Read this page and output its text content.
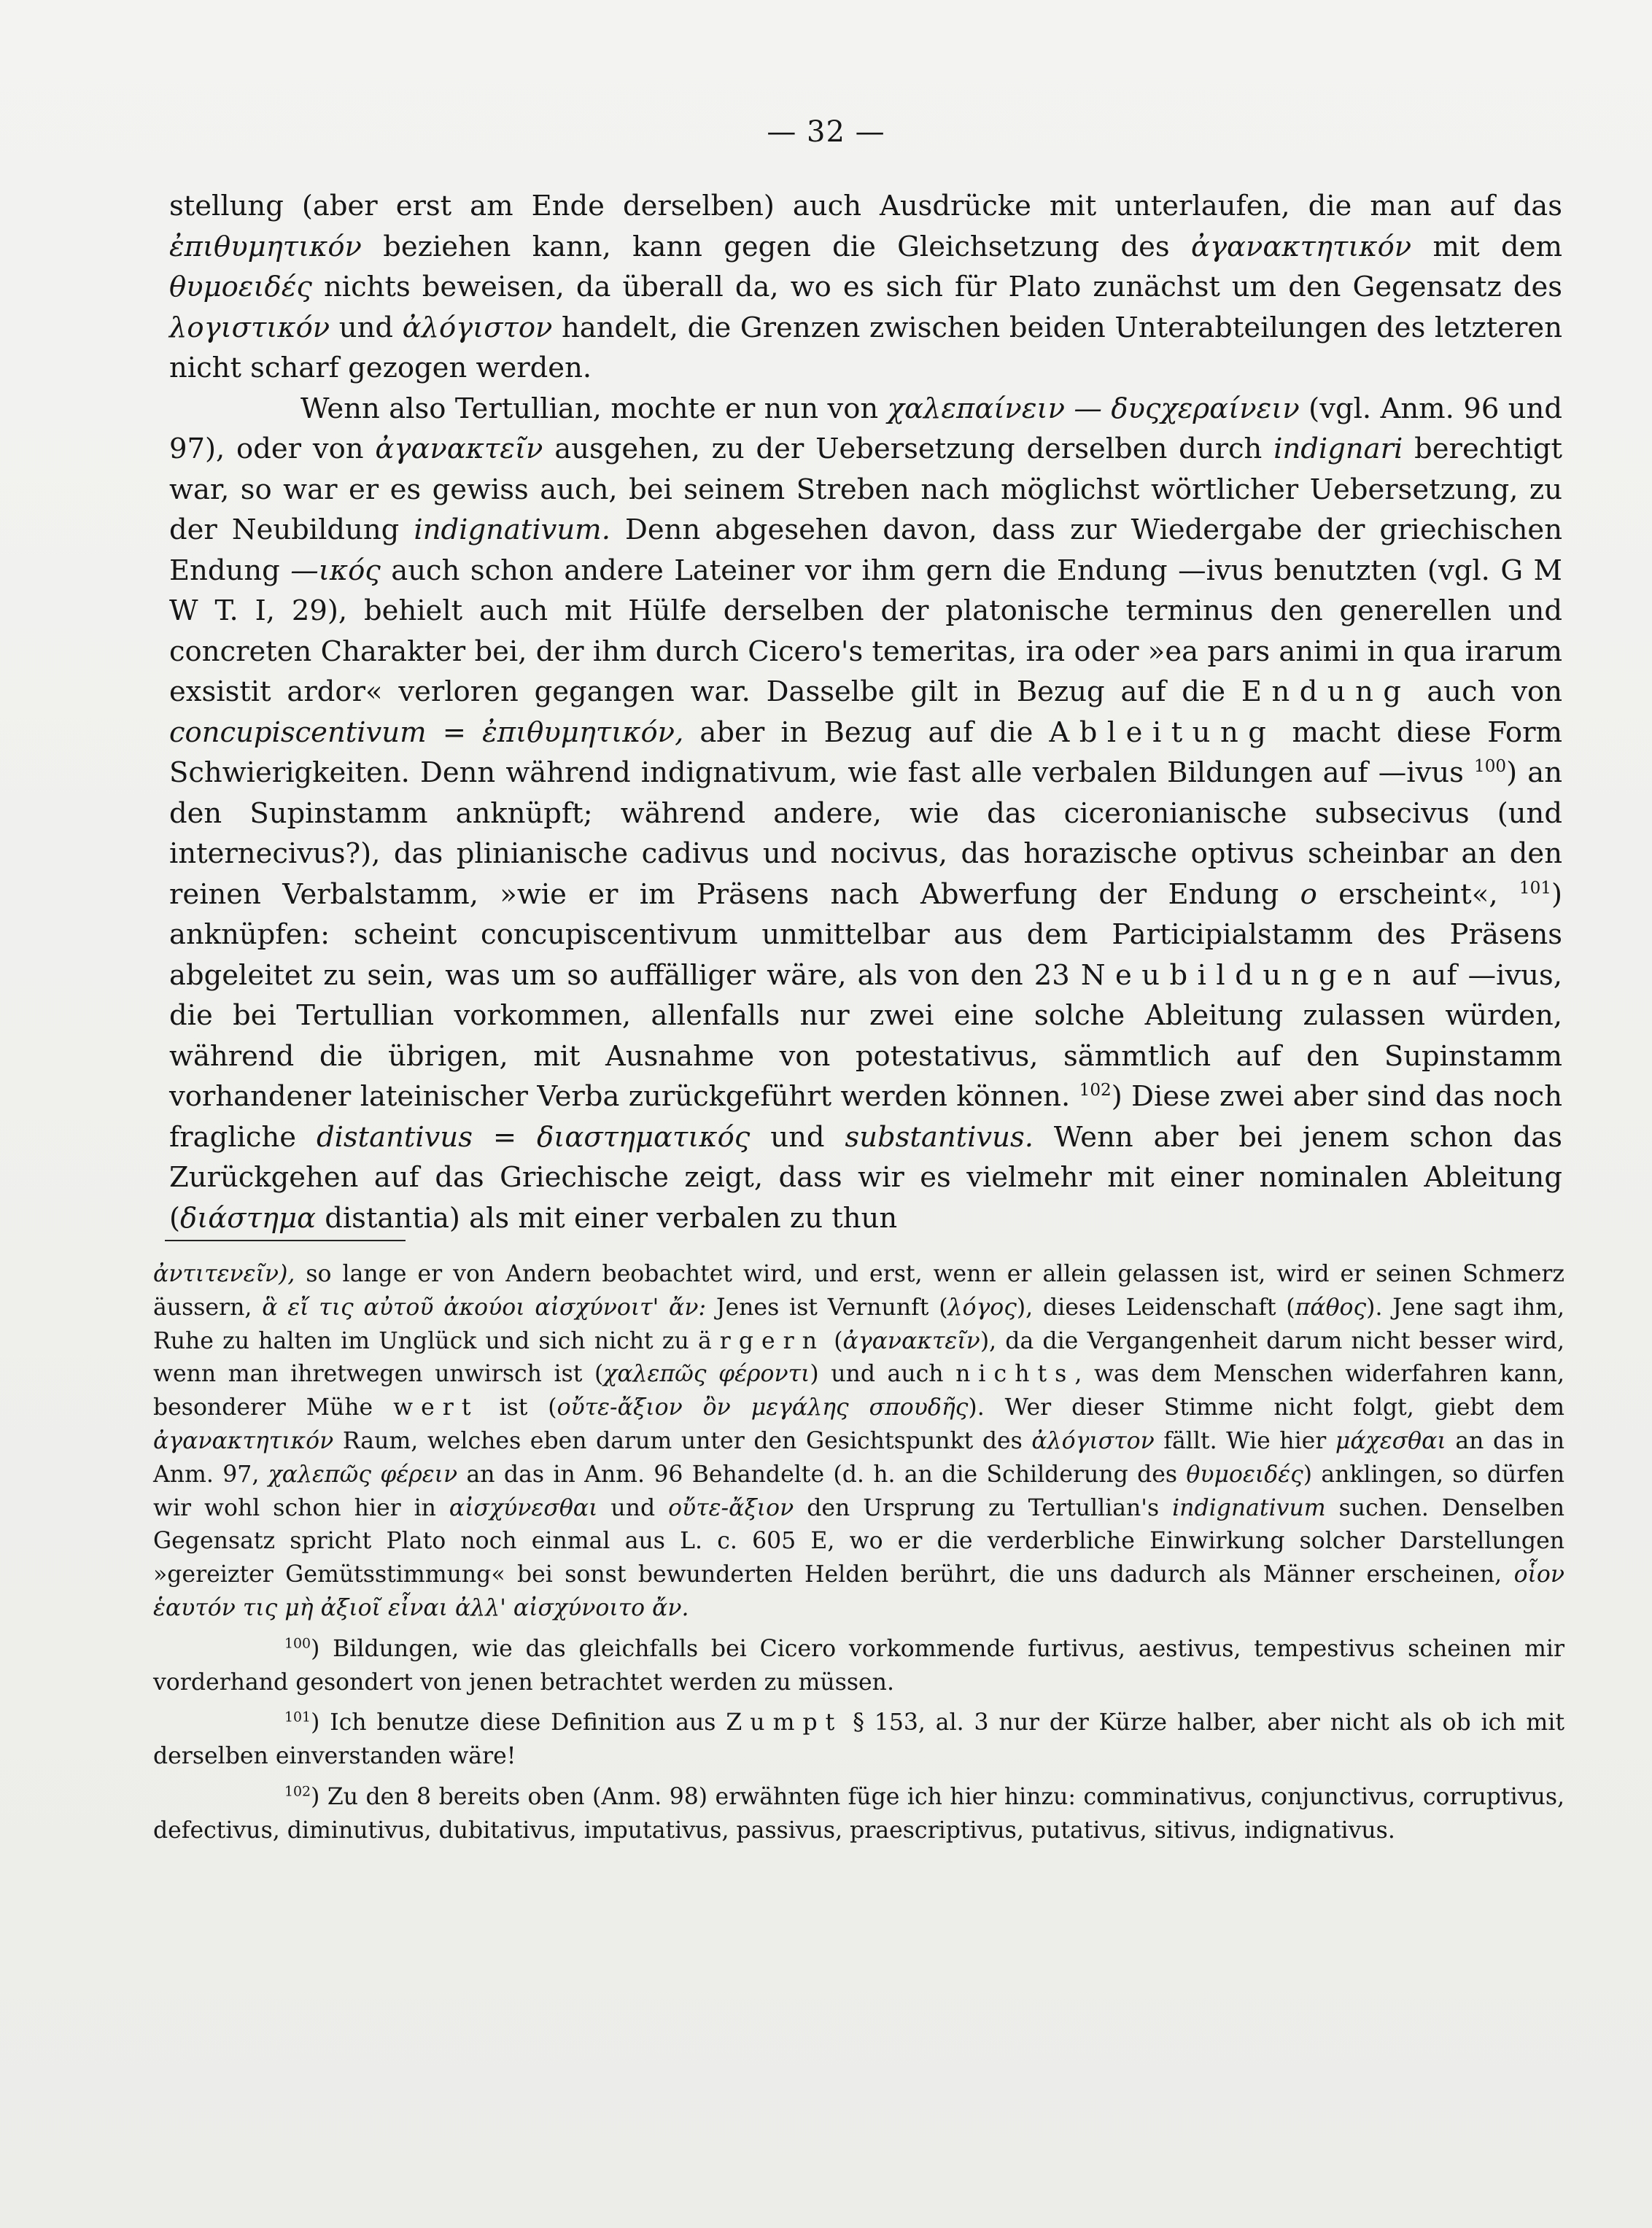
— 32 —

stellung (aber erst am Ende derselben) auch Ausdrücke mit unterlaufen, die man auf das ἐπιθυμητικόν beziehen kann, kann gegen die Gleichsetzung des ἀγανακτητικόν mit dem θυμοειδές nichts beweisen, da überall da, wo es sich für Plato zunächst um den Gegensatz des λογιστικόν und ἀλόγιστον handelt, die Grenzen zwischen beiden Unterabteilungen des letzteren nicht scharf gezogen werden.

Wenn also Tertullian, mochte er nun von χαλεπαίνειν — δυςχεραίνειν (vgl. Anm. 96 und 97), oder von ἀγανακτεῖν ausgehen, zu der Uebersetzung derselben durch indignari berechtigt war, so war er es gewiss auch, bei seinem Streben nach möglichst wörtlicher Uebersetzung, zu der Neubildung indignativum. Denn abgesehen davon, dass zur Wiedergabe der griechischen Endung —ικός auch schon andere Lateiner vor ihm gern die Endung —ivus benutzten (vgl. G M W T. I, 29), behielt auch mit Hülfe derselben der platonische terminus den generellen und concreten Charakter bei, der ihm durch Cicero's temeritas, ira oder »ea pars animi in qua irarum exsistit ardor« verloren gegangen war. Dasselbe gilt in Bezug auf die Endung auch von concupiscentivum = ἐπιθυμητικόν, aber in Bezug auf die Ableitung macht diese Form Schwierigkeiten. Denn während indignativum, wie fast alle verbalen Bildungen auf —ivus $^{100}$) an den Supinstamm anknüpft; während andere, wie das ciceronianische subsecivus (und internecivus?), das plinianische cadivus und nocivus, das horazische optivus scheinbar an den reinen Verbalstamm, »wie er im Präsens nach Abwerfung der Endung o erscheint«, $^{101}$) anknüpfen: scheint concupiscentivum unmittelbar aus dem Participialstamm des Präsens abgeleitet zu sein, was um so auffälliger wäre, als von den 23 Neubildungen auf —ivus, die bei Tertullian vorkommen, allenfalls nur zwei eine solche Ableitung zulassen würden, während die übrigen, mit Ausnahme von potestativus, sämmtlich auf den Supinstamm vorhandener lateinischer Verba zurückgeführt werden können. $^{102}$) Diese zwei aber sind das noch fragliche distantivus = διαστηματικός und substantivus. Wenn aber bei jenem schon das Zurückgehen auf das Griechische zeigt, dass wir es vielmehr mit einer nominalen Ableitung (διάστημα distantia) als mit einer verbalen zu thun

ἀντιτενεῖν), so lange er von Andern beobachtet wird, und erst, wenn er allein gelassen ist, wird er seinen Schmerz äussern, ἃ εἴ τις αὐτοῦ ἀκούοι αἰσχύνοιτ' ἄν: Jenes ist Vernunft (λόγος), dieses Leidenschaft (πάθος). Jene sagt ihm, Ruhe zu halten im Unglück und sich nicht zu ärgern (ἀγανακτεῖν), da die Vergangenheit darum nicht besser wird, wenn man ihretwegen unwirsch ist (χαλεπῶς φέροντι) und auch nichts, was dem Menschen widerfahren kann, besonderer Mühe wert ist (οὔτε-ἄξιον ὂν μεγάλης σπουδῆς). Wer dieser Stimme nicht folgt, giebt dem ἀγανακτητικόν Raum, welches eben darum unter den Gesichtspunkt des ἀλόγιστον fällt. Wie hier μάχεσθαι an das in Anm. 97, χαλεπῶς φέρειν an das in Anm. 96 Behandelte (d. h. an die Schilderung des θυμοειδές) anklingen, so dürfen wir wohl schon hier in αἰσχύνεσθαι und οὔτε-ἄξιον den Ursprung zu Tertullian's indignativum suchen. Denselben Gegensatz spricht Plato noch einmal aus L. c. 605 E, wo er die verderbliche Einwirkung solcher Darstellungen »gereizter Gemütsstimmung« bei sonst bewunderten Helden berührt, die uns dadurch als Männer erscheinen, οἷον ἑαυτόν τις μὴ ἀξιοῖ εἶναι ἀλλ' αἰσχύνοιτο ἄν.

$^{100}$) Bildungen, wie das gleichfalls bei Cicero vorkommende furtivus, aestivus, tempestivus scheinen mir vorderhand gesondert von jenen betrachtet werden zu müssen.

$^{101}$) Ich benutze diese Definition aus Zumpt § 153, al. 3 nur der Kürze halber, aber nicht als ob ich mit derselben einverstanden wäre!

$^{102}$) Zu den 8 bereits oben (Anm. 98) erwähnten füge ich hier hinzu: comminativus, conjunctivus, corruptivus, defectivus, diminutivus, dubitativus, imputativus, passivus, praescriptivus, putativus, sitivus, indignativus.
